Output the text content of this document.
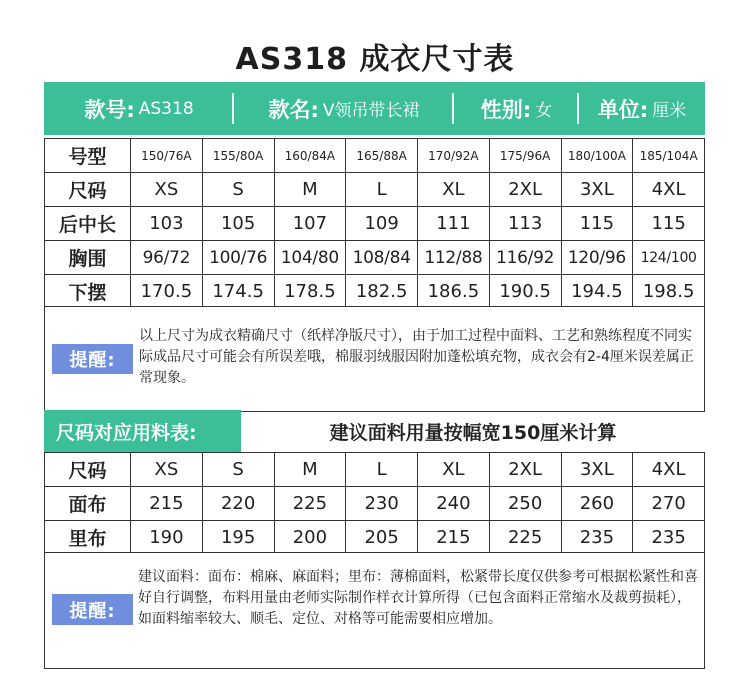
AS318 成衣尺寸表
款号: AS318	款名: V领吊带长裙	性别: 女 单位: 厘米
号型	150/76A	155/80A	160/84A	165/88A	170/92A	175/96A	180/100A	185/104A
尺码	XS	S	M	L	XL	2XL	3XL	4XL
后中长	103	105	107	109	111	113	115	115
胸围	96/72	100/76	104/80	108/84	112/88	116/92	120/96	124/100
下摆	170.5	174.5	178.5	182.5	186.5	190.5	194.5	198.5
提醒:
以上尺寸为成衣精确尺寸（纸样净版尺寸），由于加工过程中面料、工艺和熟练程度不同实际成品尺寸可能会有所误差哦，棉服羽绒服因附加蓬松填充物，成衣会有2-4厘米误差属正常现象。
尺码对应用料表:	建议面料用量按幅宽150厘米计算
尺码	XS	S	M	L	XL	2XL	3XL	4XL
面布	215	220	225	230	240	250	260	270
里布	190	195	200	205	215	225	235	235
提醒:
建议面料：面布：棉麻、麻面料；里布：薄棉面料，松紧带长度仅供参考可根据松紧性和喜好自行调整，布料用量由老师实际制作样衣计算所得（已包含面料正常缩水及裁剪损耗），如面料缩率较大、顺毛、定位、对格等可能需要相应增加。
